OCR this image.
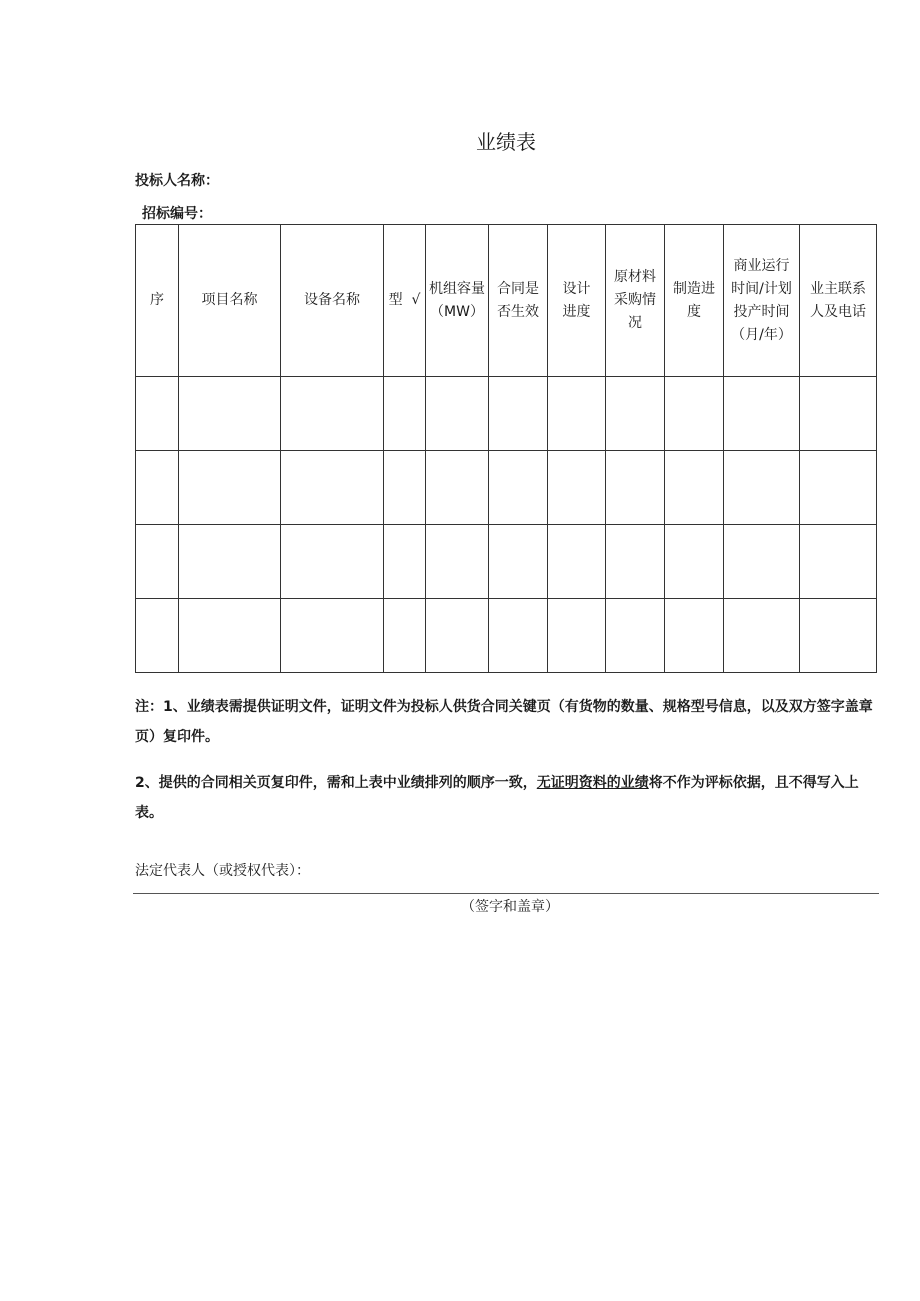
业绩表
投标人名称：
招标编号：
序	项目名称	设备名称	型  √	机组容量（MW）	合同是否生效	设计进度	原材料采购情况	制造进度	商业运行时间/计划投产时间（月/年）	业主联系人及电话

注：1、业绩表需提供证明文件，证明文件为投标人供货合同关键页（有货物的数量、规格型号信息，以及双方签字盖章页）复印件。
2、提供的合同相关页复印件，需和上表中业绩排列的顺序一致，无证明资料的业绩将不作为评标依据，且不得写入上表。
法定代表人（或授权代表）：
（签字和盖章）
